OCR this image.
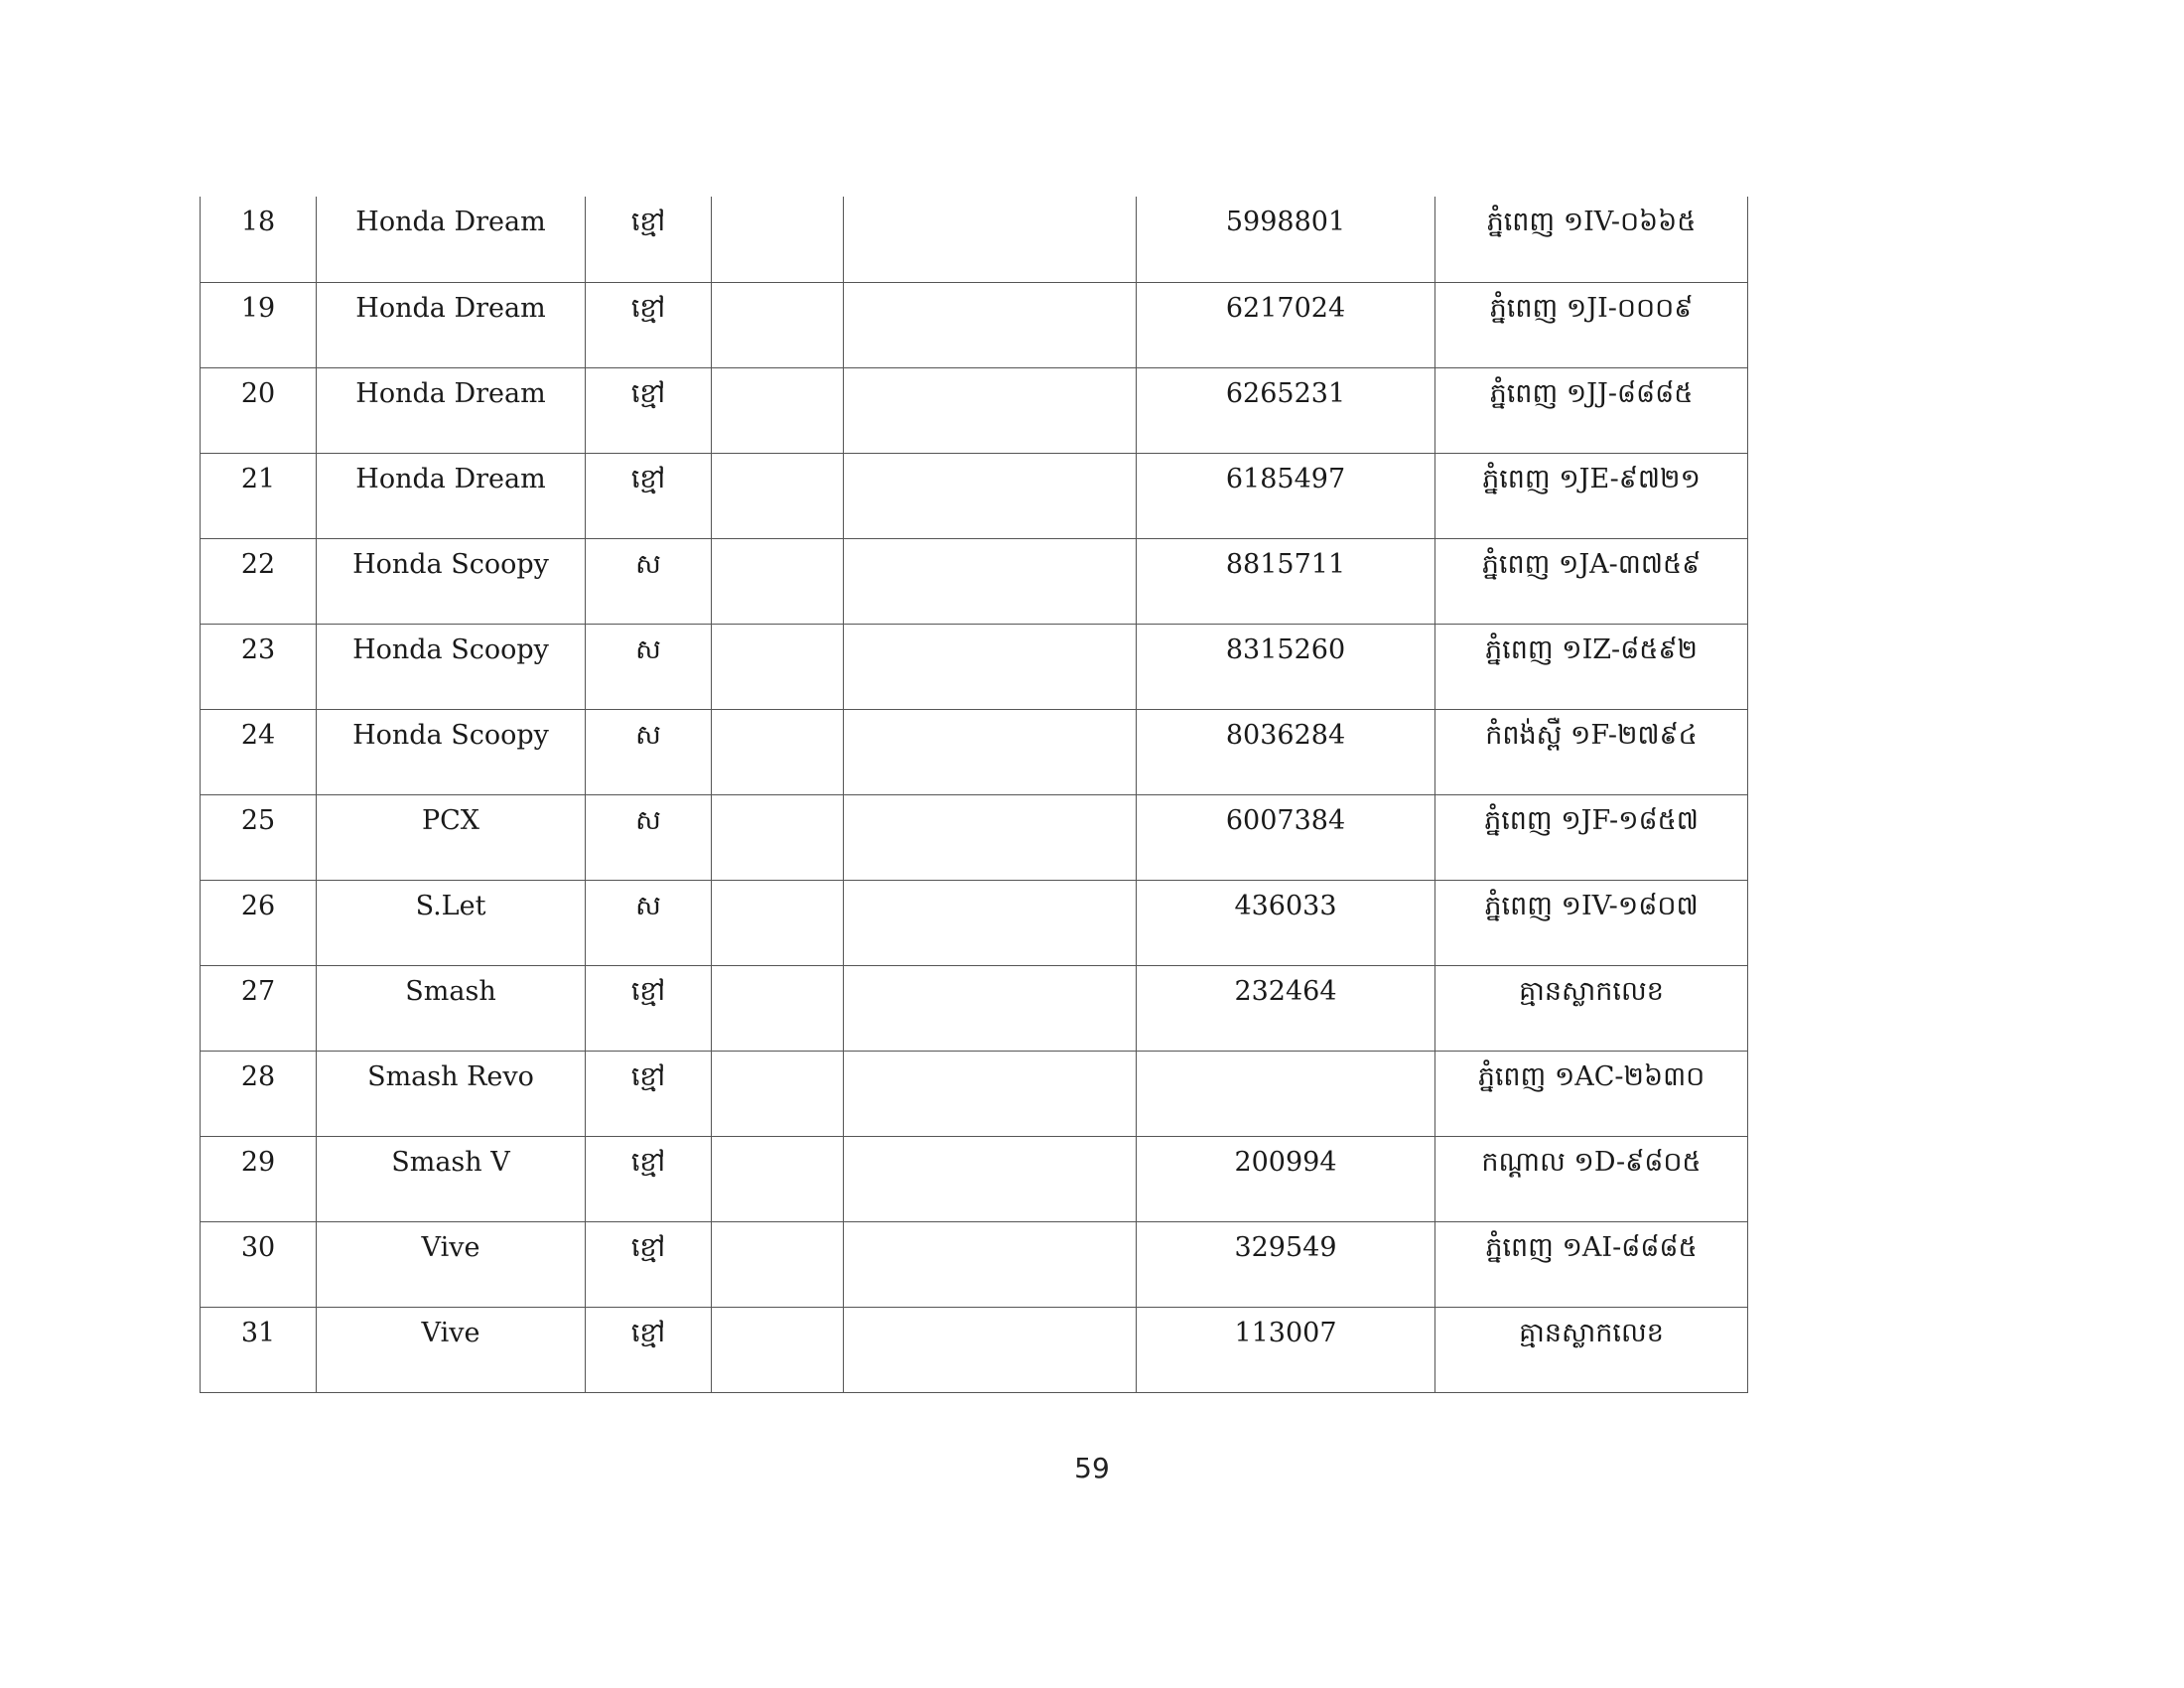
18	Honda Dream	ខ្មៅ			5998801	ភ្នំពេញ ១IV-០៦៦៥
19	Honda Dream	ខ្មៅ			6217024	ភ្នំពេញ ១JI-០០០៩
20	Honda Dream	ខ្មៅ			6265231	ភ្នំពេញ ១JJ-៨៨៨៥
21	Honda Dream	ខ្មៅ			6185497	ភ្នំពេញ ១JE-៩៧២១
22	Honda Scoopy	ស			8815711	ភ្នំពេញ ១JA-៣៧៥៩
23	Honda Scoopy	ស			8315260	ភ្នំពេញ ១IZ-៨៥៩២
24	Honda Scoopy	ស			8036284	កំពង់ស្ពឺ ១F-២៧៩៤
25	PCX	ស			6007384	ភ្នំពេញ ១JF-១៨៥៧
26	S.Let	ស			436033	ភ្នំពេញ ១IV-១៨០៧
27	Smash	ខ្មៅ			232464	គ្មានស្លាកលេខ
28	Smash Revo	ខ្មៅ				ភ្នំពេញ ១AC-២៦៣០
29	Smash V	ខ្មៅ			200994	កណ្ដាល ១D-៩៨០៥
30	Vive	ខ្មៅ			329549	ភ្នំពេញ ១AI-៨៨៨៥
31	Vive	ខ្មៅ			113007	គ្មានស្លាកលេខ
59
